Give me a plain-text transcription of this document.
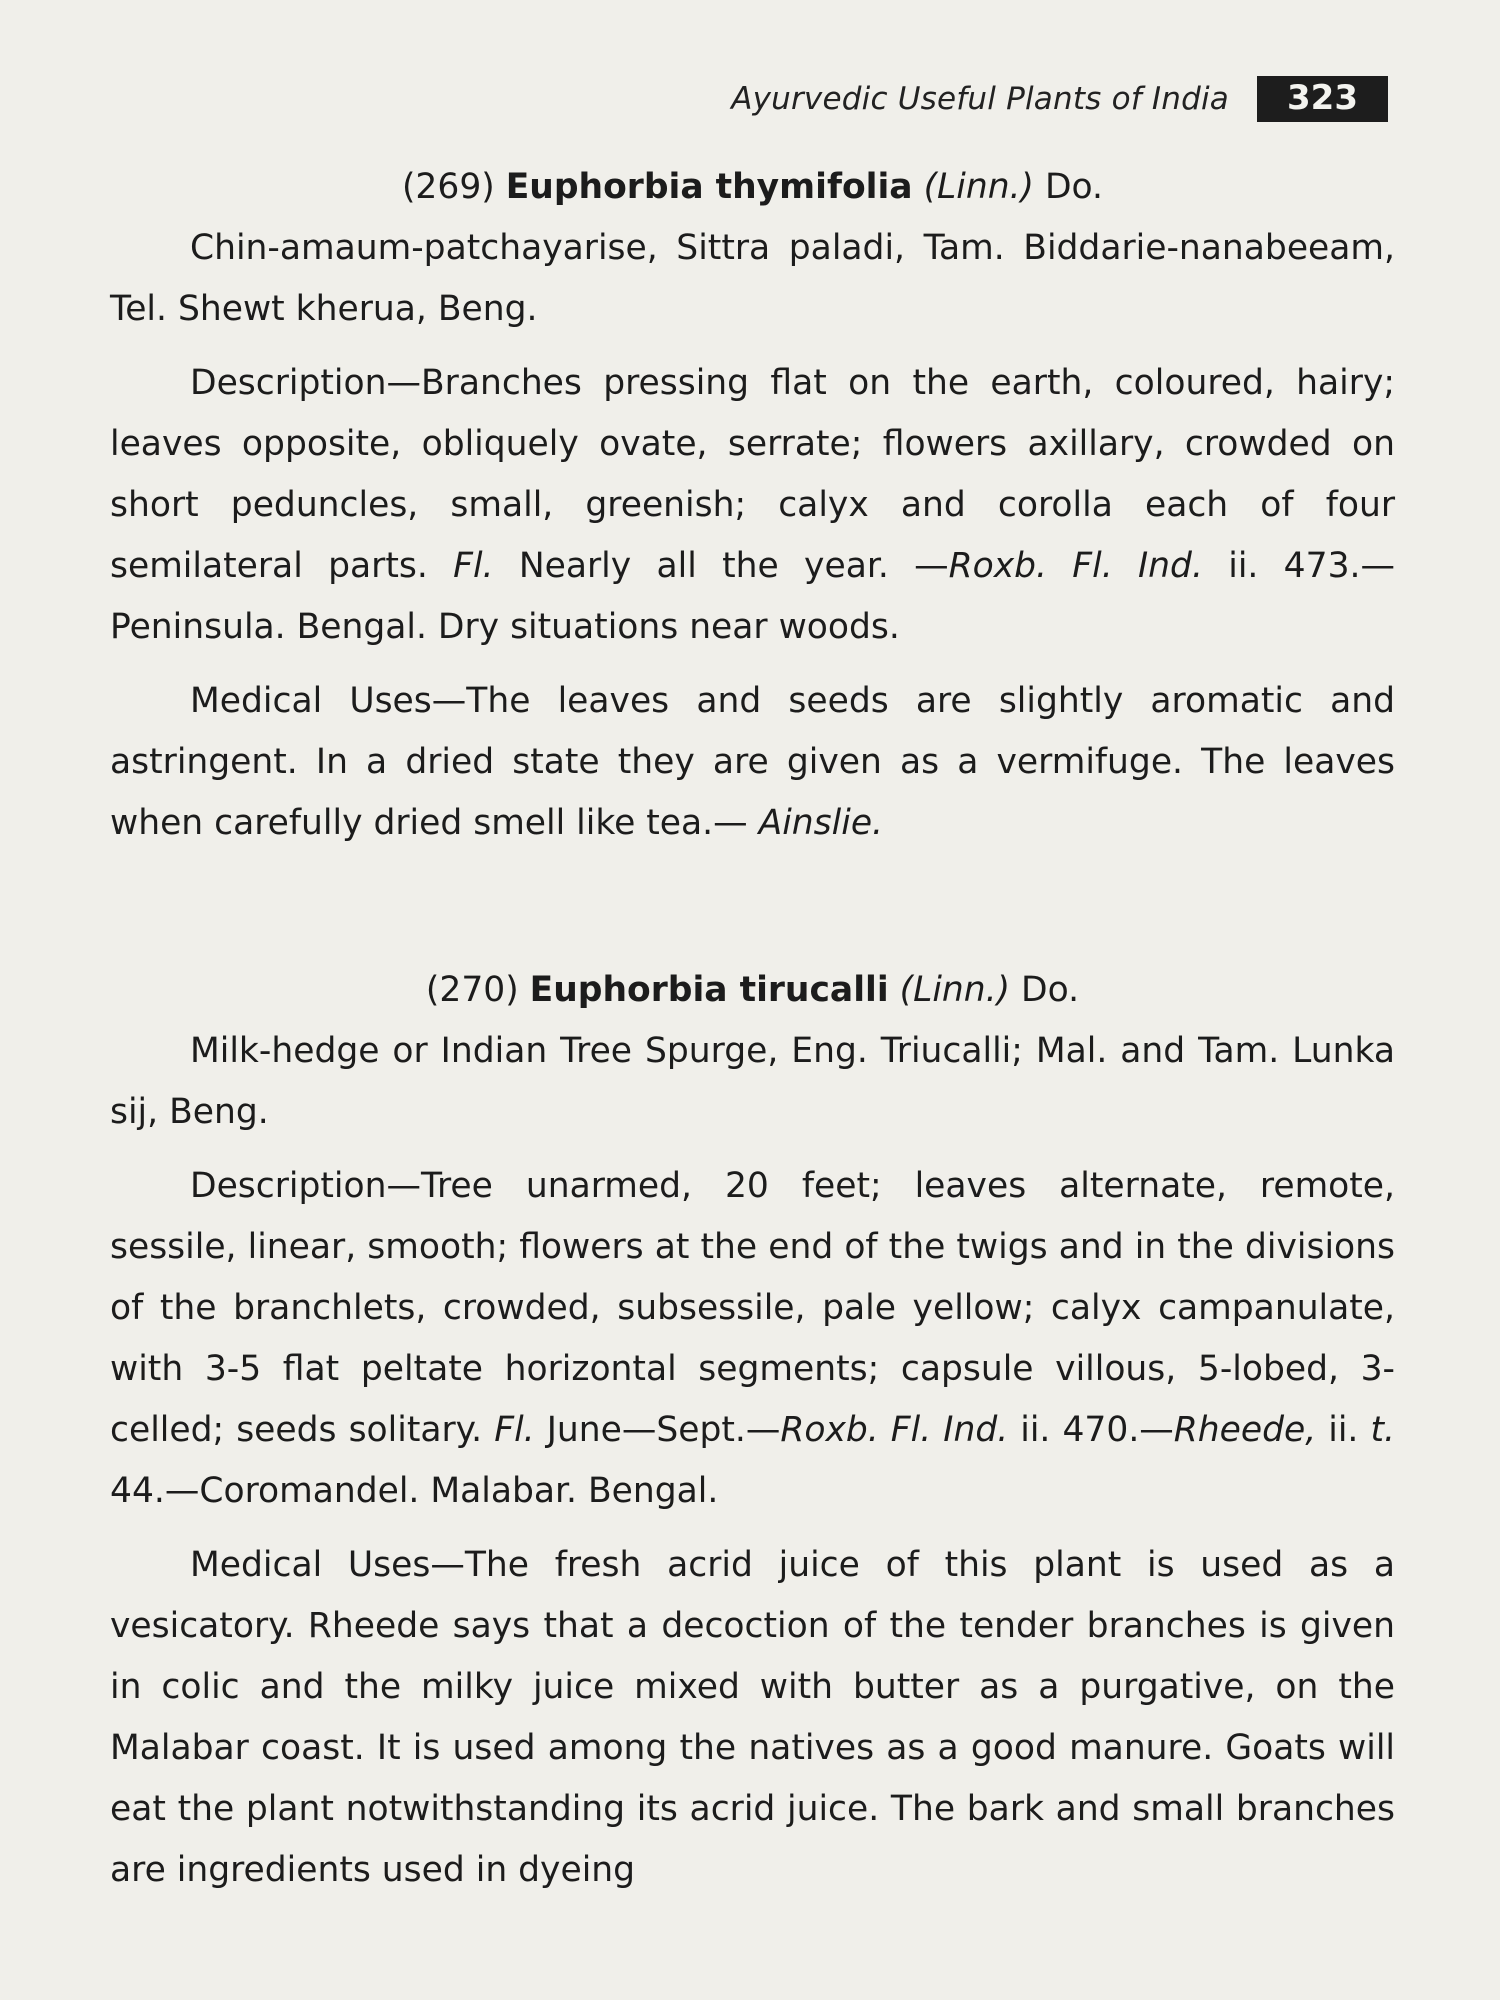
Ayurvedic Useful Plants of India	323
(269) Euphorbia thymifolia (Linn.) Do.

Chin-amaum-patchayarise, Sittra paladi, Tam. Biddarie-nanabeeam, Tel. Shewt kherua, Beng.

Description—Branches pressing flat on the earth, coloured, hairy; leaves opposite, obliquely ovate, serrate; flowers axillary, crowded on short peduncles, small, greenish; calyx and corolla each of four semilateral parts. Fl. Nearly all the year. —Roxb. Fl. Ind. ii. 473.—Peninsula. Bengal. Dry situations near woods.

Medical Uses—The leaves and seeds are slightly aromatic and astringent. In a dried state they are given as a vermifuge. The leaves when carefully dried smell like tea.— Ainslie.

(270) Euphorbia tirucalli (Linn.) Do.

Milk-hedge or Indian Tree Spurge, Eng. Triucalli; Mal. and Tam. Lunka sij, Beng.

Description—Tree unarmed, 20 feet; leaves alternate, remote, sessile, linear, smooth; flowers at the end of the twigs and in the divisions of the branchlets, crowded, subsessile, pale yellow; calyx campanulate, with 3-5 flat peltate horizontal segments; capsule villous, 5-lobed, 3-celled; seeds solitary. Fl. June—Sept.—Roxb. Fl. Ind. ii. 470.—Rheede, ii. t. 44.—Coromandel. Malabar. Bengal.

Medical Uses—The fresh acrid juice of this plant is used as a vesicatory. Rheede says that a decoction of the tender branches is given in colic and the milky juice mixed with butter as a purgative, on the Malabar coast. It is used among the natives as a good manure. Goats will eat the plant notwithstanding its acrid juice. The bark and small branches are ingredients used in dyeing
